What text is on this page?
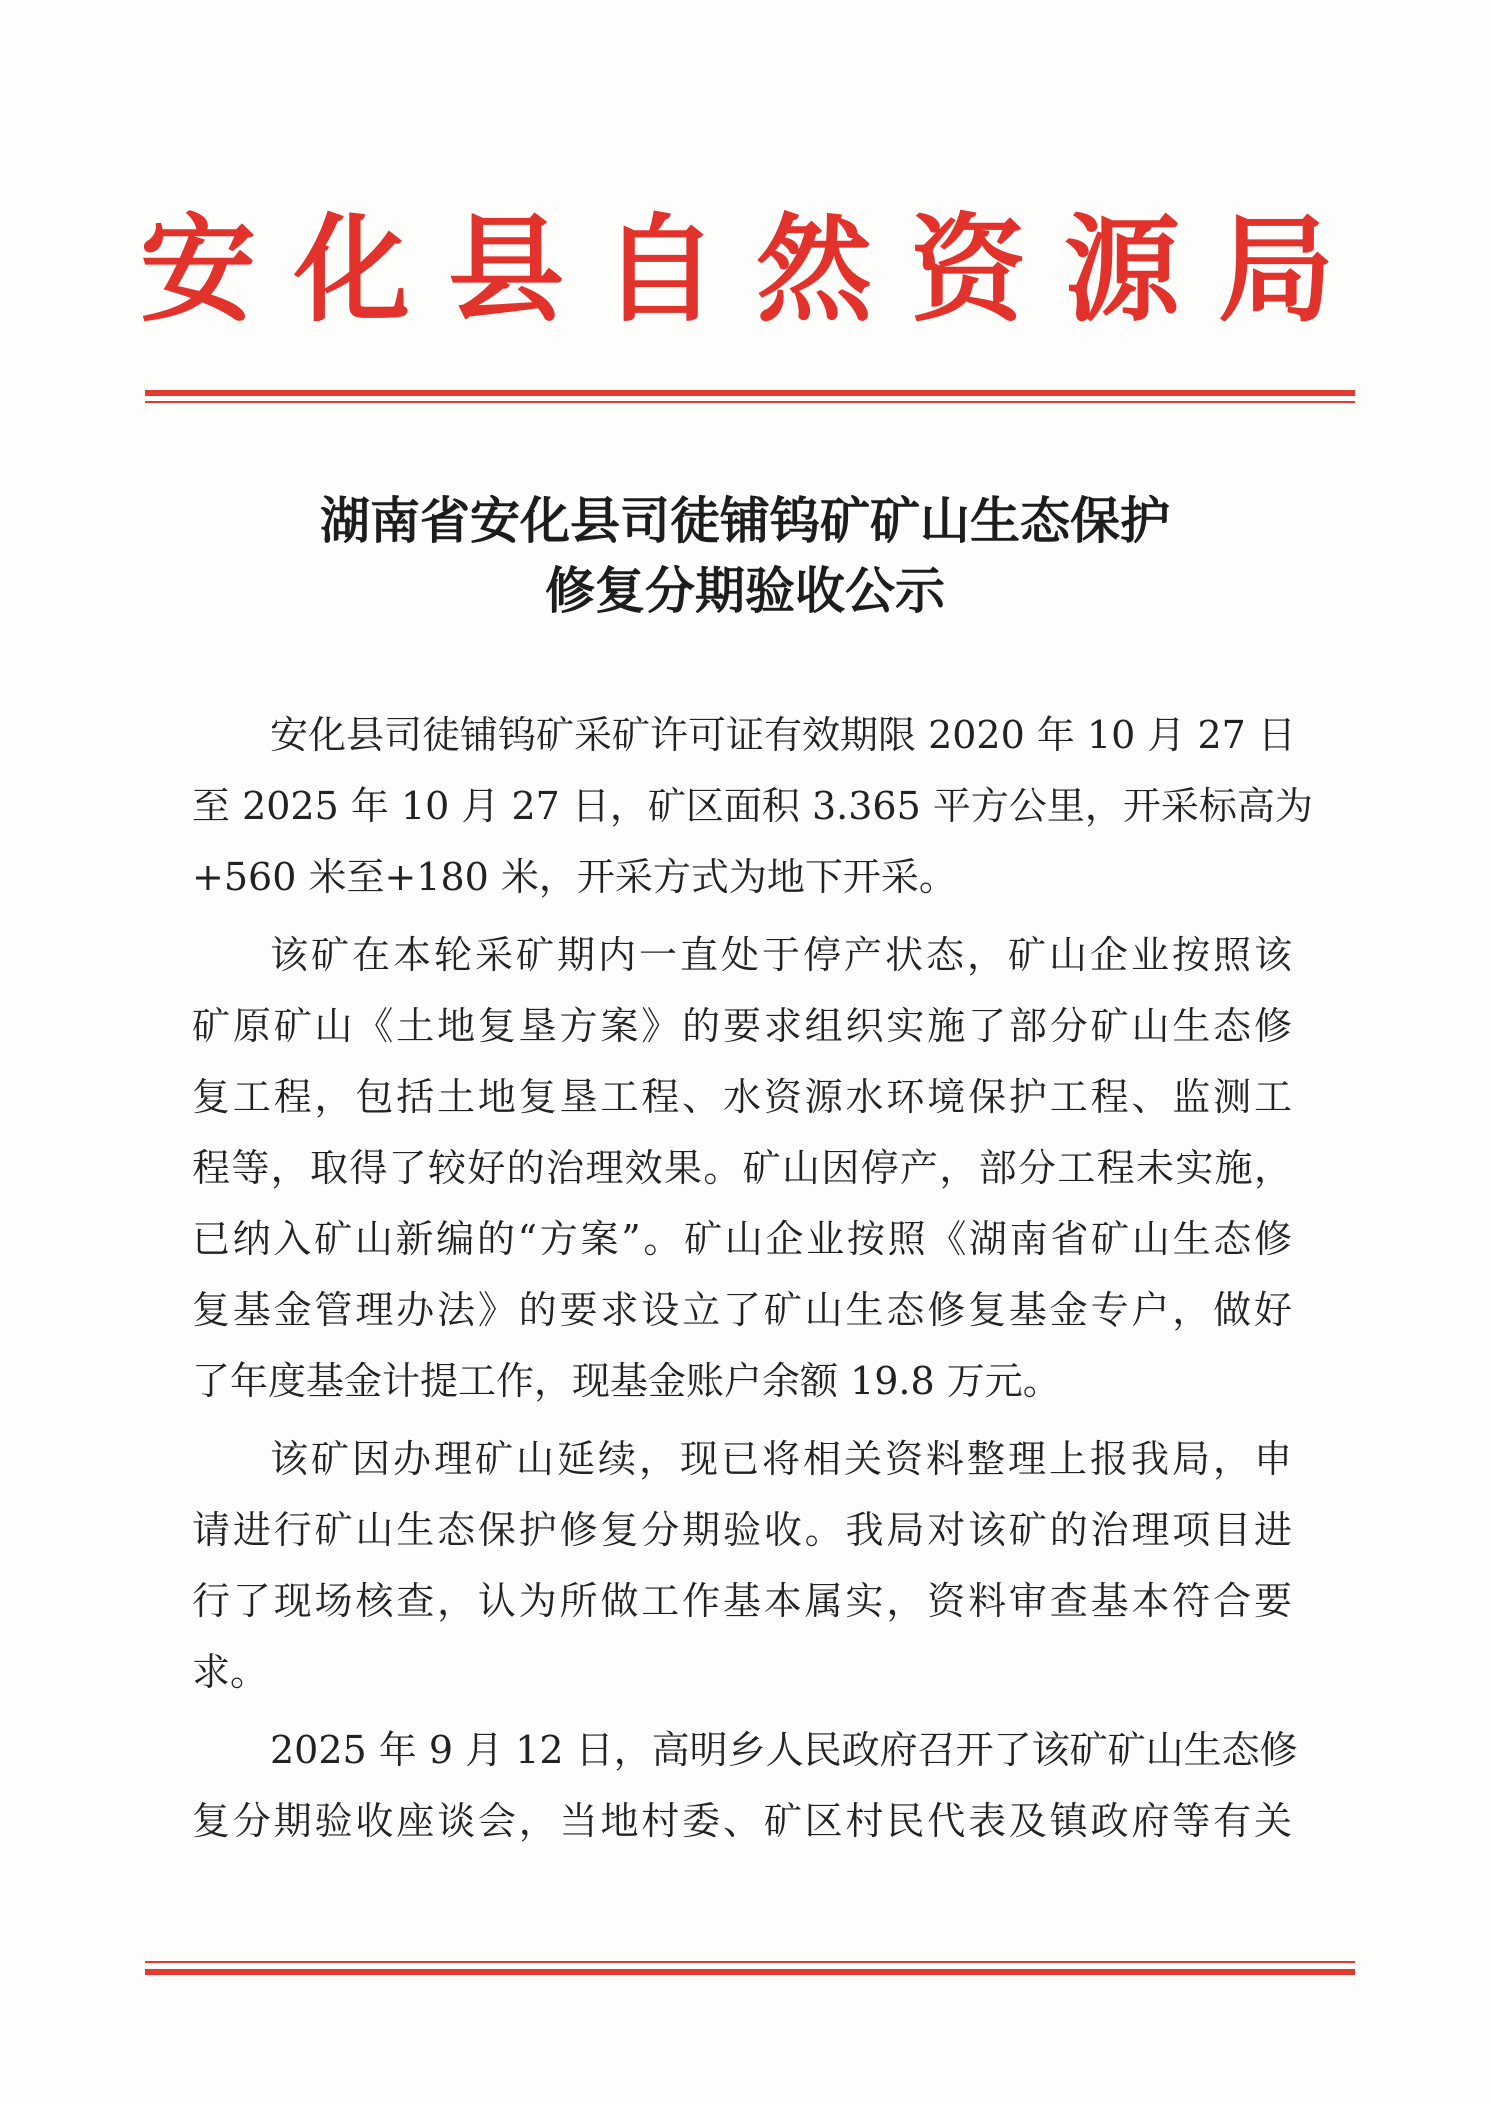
安化县自然资源局
湖南省安化县司徒铺钨矿矿山生态保护
修复分期验收公示
安化县司徒铺钨矿采矿许可证有效期限 2020 年 10 月 27 日
至 2025 年 10 月 27 日，矿区面积 3.365 平方公里，开采标高为
+560 米至+180 米，开采方式为地下开采。
该矿在本轮采矿期内一直处于停产状态，矿山企业按照该
矿原矿山《土地复垦方案》的要求组织实施了部分矿山生态修
复工程，包括土地复垦工程、水资源水环境保护工程、监测工
程等，取得了较好的治理效果。矿山因停产，部分工程未实施，
已纳入矿山新编的“方案”。矿山企业按照《湖南省矿山生态修
复基金管理办法》的要求设立了矿山生态修复基金专户，做好
了年度基金计提工作，现基金账户余额 19.8 万元。
该矿因办理矿山延续，现已将相关资料整理上报我局，申
请进行矿山生态保护修复分期验收。我局对该矿的治理项目进
行了现场核查，认为所做工作基本属实，资料审查基本符合要
求。
2025 年 9 月 12 日，高明乡人民政府召开了该矿矿山生态修
复分期验收座谈会，当地村委、矿区村民代表及镇政府等有关
